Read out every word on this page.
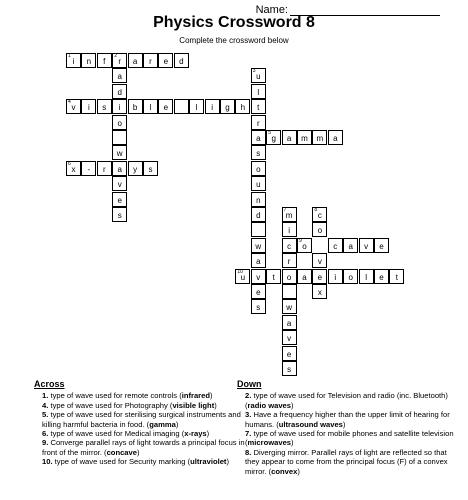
Name:
Physics Crossword 8
Complete the crossword below
i
1
n	f	r
2
a	r	e	d
a
d
i
o
w
a
v
e
s
v
4
i	s	b	l	e	l	i	g	h	t
u
3
l
r
a
s
o
u
n
d
w
a
v
e
s
g
5
a	m	m	a
x
6
-	r	y	s
m
7
i
c
r
o
w
a
v
e
s
c
8
o
v
e
x
o
9
c	a	v	e
u
10
t	a	i	o	l	e	t
Across
1. type of wave used for remote controls (infrared)
4. type of wave used for Photography (visible light)
5. type of wave used for sterilising surgical instruments and killing harmful bacteria in food. (gamma)
6. type of wave used for Medical imaging (x-rays)
9. Converge parallel rays of light towards a principal focus in front of the mirror. (concave)
10. type of wave used for Security marking (ultraviolet)
Down
2. type of wave used for Television and radio (inc. Bluetooth) (radio waves)
3. Have a frequency higher than the upper limit of hearing for humans. (ultrasound waves)
7. type of wave used for mobile phones and satellite television (microwaves)
8. Diverging mirror. Parallel rays of light are reflected so that they appear to come from the principal focus (F) of a convex mirror. (convex)
